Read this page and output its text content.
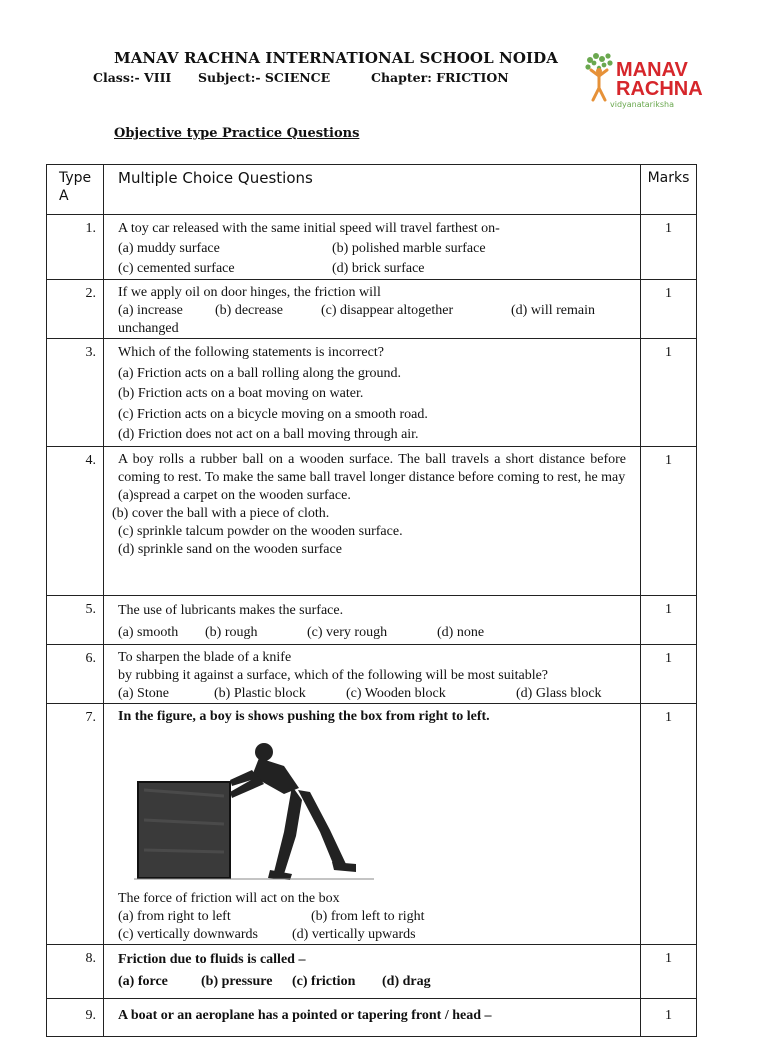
MANAV RACHNA INTERNATIONAL SCHOOL NOIDA
Class:- VIII Subject:- SCIENCE	Chapter: FRICTION	MANAV
RACHNA
vidyanatariksha
Objective type Practice Questions
Type A	Multiple Choice Questions	Marks
1.	A toy car released with the same initial speed will travel farthest on-
(a) muddy surface (b) polished marble surface
(c) cemented surface (d) brick surface	1
2.	If we apply oil on door hinges, the friction will
(a) increase (b) decrease (c) disappear altogether (d) will remain unchanged	1
3.	Which of the following statements is incorrect?
(a) Friction acts on a ball rolling along the ground.
(b) Friction acts on a boat moving on water.
(c) Friction acts on a bicycle moving on a smooth road.
(d) Friction does not act on a ball moving through air.	1
4.	A boy rolls a rubber ball on a wooden surface. The ball travels a short distance before coming to rest. To make the same ball travel longer distance before coming to rest, he may
(a)spread a carpet on the wooden surface.
(b) cover the ball with a piece of cloth.
(c) sprinkle talcum powder on the wooden surface.
(d) sprinkle sand on the wooden surface	1
5.	The use of lubricants makes the surface.
(a) smooth (b) rough (c) very rough (d) none	1
6.	To sharpen the blade of a knife
by rubbing it against a surface, which of the following will be most suitable?
(a) Stone (b) Plastic block (c) Wooden block (d) Glass block	1
7.	In the figure, a boy is shows pushing the box from right to left.
The force of friction will act on the box
(a) from right to left (b) from left to right
(c) vertically downwards (d) vertically upwards	1
8.	Friction due to fluids is called –
(a) force (b) pressure (c) friction (d) drag	1
9.	A boat or an aeroplane has a pointed or tapering front / head –	1
